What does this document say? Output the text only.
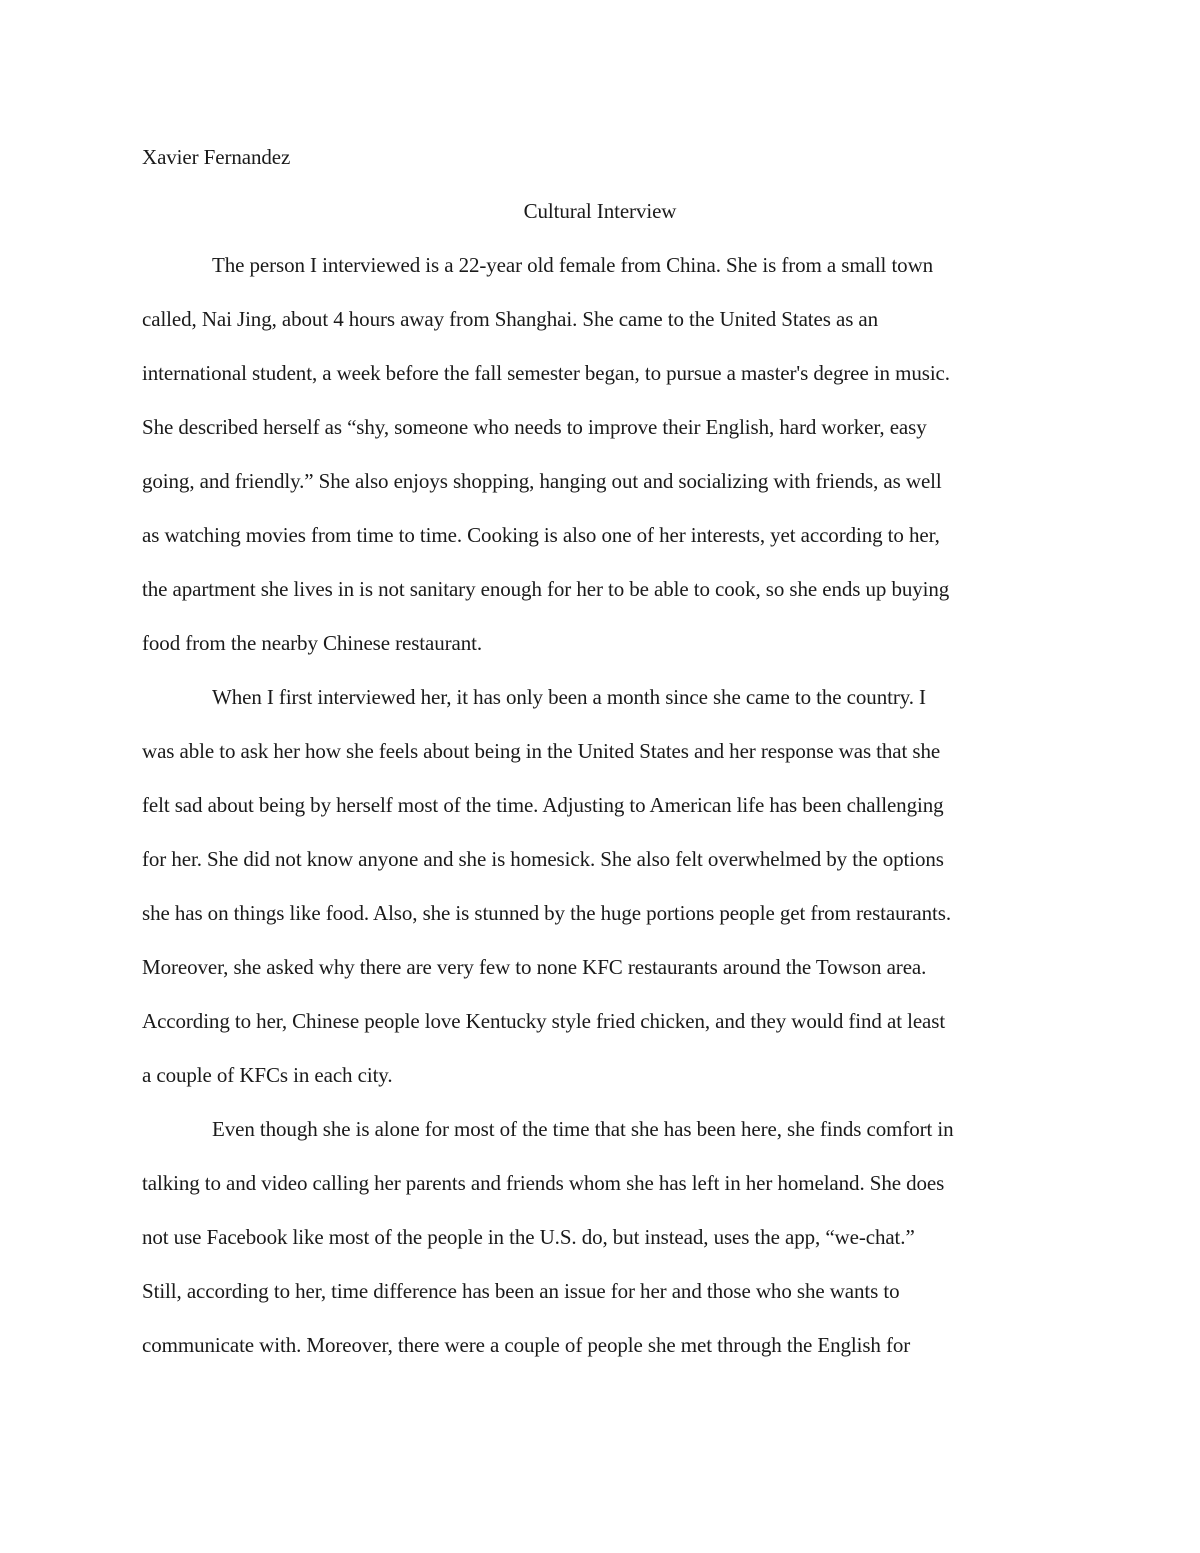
Xavier Fernandez
Cultural Interview
The person I interviewed is a 22-year old female from China. She is from a small town
called, Nai Jing, about 4 hours away from Shanghai. She came to the United States as an
international student, a week before the fall semester began, to pursue a master's degree in music.
She described herself as “shy, someone who needs to improve their English, hard worker, easy
going, and friendly.” She also enjoys shopping, hanging out and socializing with friends, as well
as watching movies from time to time. Cooking is also one of her interests, yet according to her,
the apartment she lives in is not sanitary enough for her to be able to cook, so she ends up buying
food from the nearby Chinese restaurant.
When I first interviewed her, it has only been a month since she came to the country. I
was able to ask her how she feels about being in the United States and her response was that she
felt sad about being by herself most of the time. Adjusting to American life has been challenging
for her. She did not know anyone and she is homesick. She also felt overwhelmed by the options
she has on things like food. Also, she is stunned by the huge portions people get from restaurants.
Moreover, she asked why there are very few to none KFC restaurants around the Towson area.
According to her, Chinese people love Kentucky style fried chicken, and they would find at least
a couple of KFCs in each city.
Even though she is alone for most of the time that she has been here, she finds comfort in
talking to and video calling her parents and friends whom she has left in her homeland. She does
not use Facebook like most of the people in the U.S. do, but instead, uses the app, “we-chat.”
Still, according to her, time difference has been an issue for her and those who she wants to
communicate with. Moreover, there were a couple of people she met through the English for
